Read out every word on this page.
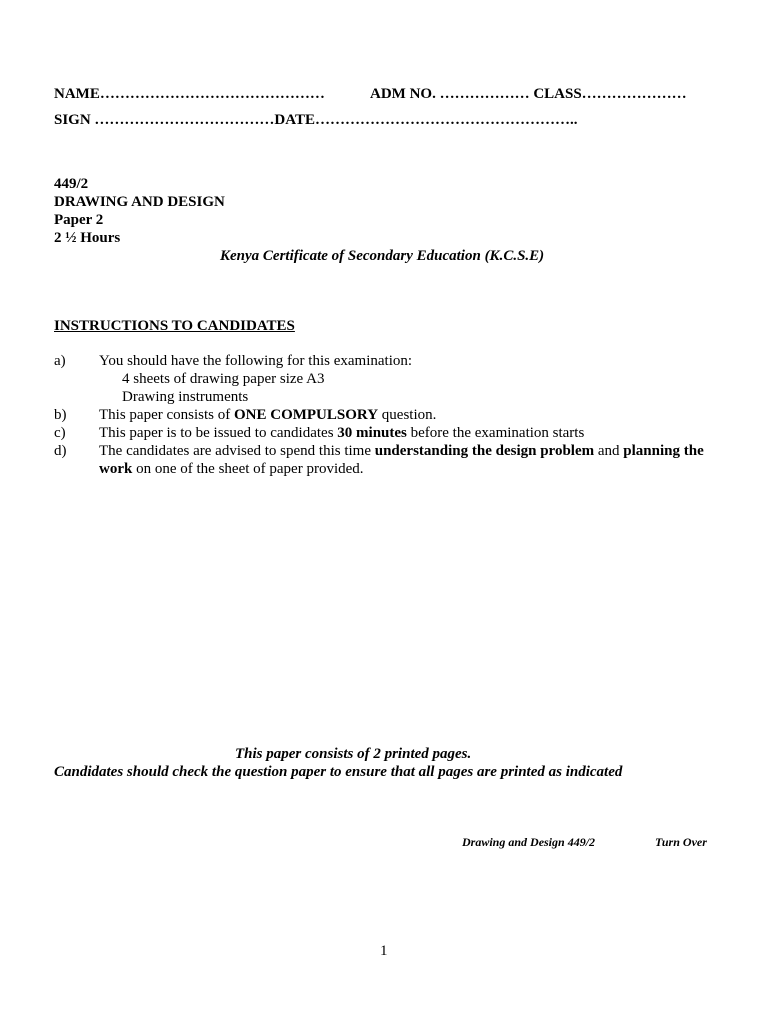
NAME………………………………………	ADM NO. ……………… CLASS…………………
SIGN ………………………………DATE……………………………………………..
449/2
DRAWING AND DESIGN
Paper 2
2 ½ Hours
Kenya Certificate of Secondary Education (K.C.S.E)
INSTRUCTIONS TO CANDIDATES
a) You should have the following for this examination:
4 sheets of drawing paper size A3
Drawing instruments
b) This paper consists of ONE COMPULSORY question.
c) This paper is to be issued to candidates 30 minutes before the examination starts
d) The candidates are advised to spend this time understanding the design problem and planning the
work on one of the sheet of paper provided.
This paper consists of 2 printed pages.
Candidates should check the question paper to ensure that all pages are printed as indicated
Drawing and Design 449/2	Turn Over
1
